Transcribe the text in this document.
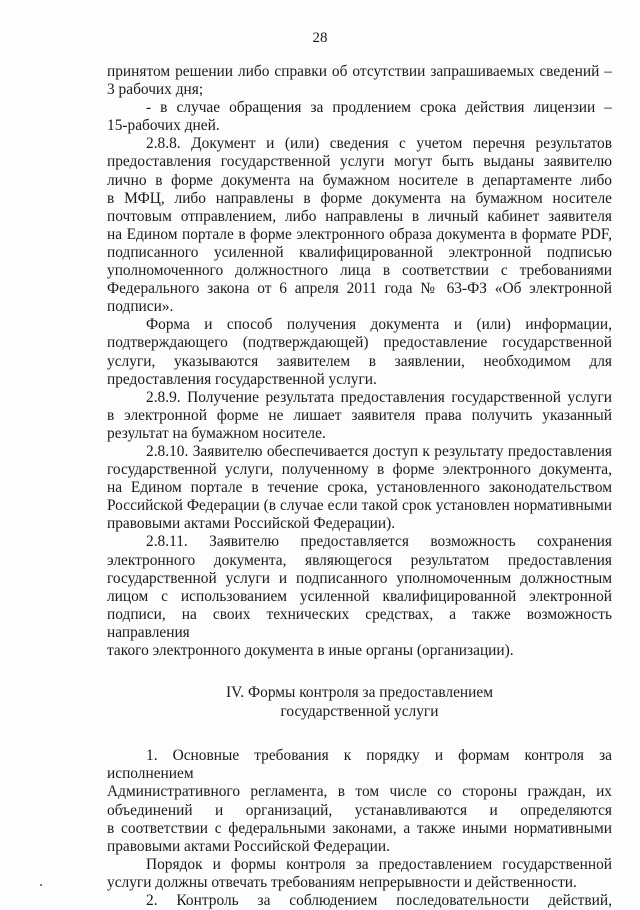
28

принятом решении либо справки об отсутствии запрашиваемых сведений –
3 рабочих дня;

- в случае обращения за продлением срока действия лицензии –
15-рабочих дней.

2.8.8. Документ и (или) сведения с учетом перечня результатов
предоставления государственной услуги могут быть выданы заявителю
лично в форме документа на бумажном носителе в департаменте либо
в МФЦ, либо направлены в форме документа на бумажном носителе
почтовым отправлением, либо направлены в личный кабинет заявителя
на Едином портале в форме электронного образа документа в формате PDF,
подписанного усиленной квалифицированной электронной подписью
уполномоченного должностного лица в соответствии с требованиями
Федерального закона от 6 апреля 2011 года № 63-ФЗ «Об электронной
подписи».

Форма и способ получения документа и (или) информации,
подтверждающего (подтверждающей) предоставление государственной
услуги, указываются заявителем в заявлении, необходимом для
предоставления государственной услуги.

2.8.9. Получение результата предоставления государственной услуги
в электронной форме не лишает заявителя права получить указанный
результат на бумажном носителе.

2.8.10. Заявителю обеспечивается доступ к результату предоставления
государственной услуги, полученному в форме электронного документа,
на Едином портале в течение срока, установленного законодательством
Российской Федерации (в случае если такой срок установлен нормативными
правовыми актами Российской Федерации).

2.8.11. Заявителю предоставляется возможность сохранения
электронного документа, являющегося результатом предоставления
государственной услуги и подписанного уполномоченным должностным
лицом с использованием усиленной квалифицированной электронной
подписи, на своих технических средствах, а также возможность направления
такого электронного документа в иные органы (организации).

IV. Формы контроля за предоставлением
государственной услуги

1. Основные требования к порядку и формам контроля за исполнением
Административного регламента, в том числе со стороны граждан, их
объединений и организаций, устанавливаются и определяются
в соответствии с федеральными законами, а также иными нормативными
правовыми актами Российской Федерации.

Порядок и формы контроля за предоставлением государственной
услуги должны отвечать требованиям непрерывности и действенности.

2. Контроль за соблюдением последовательности действий,
